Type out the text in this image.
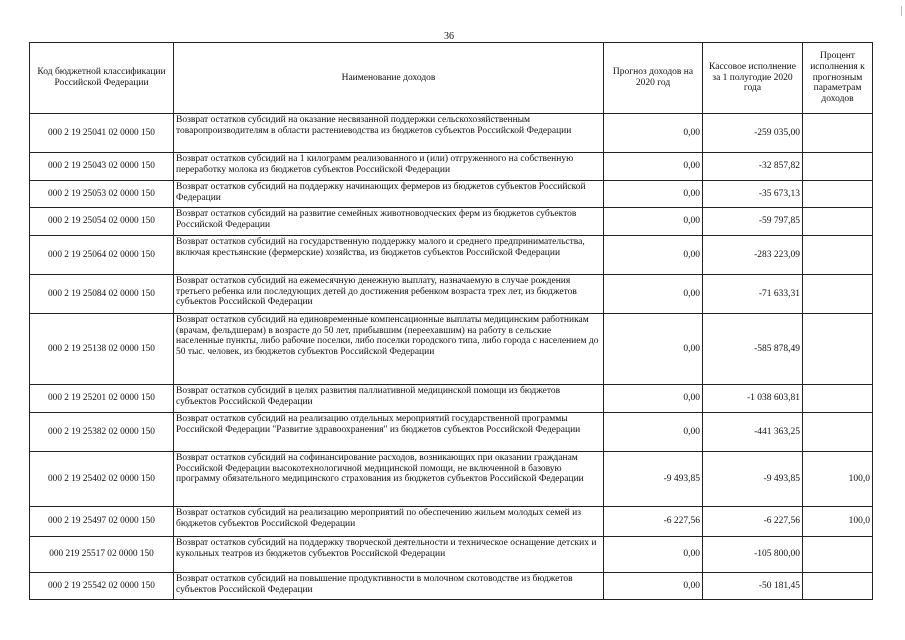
36
Код бюджетной классификации Российской Федерации	Наименование доходов	Прогноз доходов на 2020 год	Кассовое исполнение за 1 полугодие 2020 года	Процент исполнения к прогнозным параметрам доходов
000 2 19 25041 02 0000 150	Возврат остатков субсидий на оказание несвязанной поддержки сельскохозяйственным товаропроизводителям в области растениеводства из бюджетов субъектов Российской Федерации	0,00	-259 035,00	
000 2 19 25043 02 0000 150	Возврат остатков субсидий на 1 килограмм реализованного и (или) отгруженного на собственную переработку молока из бюджетов субъектов Российской Федерации	0,00	-32 857,82	
000 2 19 25053 02 0000 150	Возврат остатков субсидий на поддержку начинающих фермеров из бюджетов субъектов Российской Федерации	0,00	-35 673,13	
000 2 19 25054 02 0000 150	Возврат остатков субсидий на развитие семейных животноводческих ферм из бюджетов субъектов Российской Федерации	0,00	-59 797,85	
000 2 19 25064 02 0000 150	Возврат остатков субсидий на государственную поддержку малого и среднего предпринимательства, включая крестьянские (фермерские) хозяйства, из бюджетов субъектов Российской Федерации	0,00	-283 223,09	
000 2 19 25084 02 0000 150	Возврат остатков субсидий на ежемесячную денежную выплату, назначаемую в случае рождения третьего ребенка или последующих детей до достижения ребенком возраста трех лет, из бюджетов субъектов Российской Федерации	0,00	-71 633,31	
000 2 19 25138 02 0000 150	Возврат остатков субсидий на единовременные компенсационные выплаты медицинским работникам (врачам, фельдшерам) в возрасте до 50 лет, прибывшим (переехавшим) на работу в сельские населенные пункты, либо рабочие поселки, либо поселки городского типа, либо города с населением до 50 тыс. человек, из бюджетов субъектов Российской Федерации	0,00	-585 878,49	
000 2 19 25201 02 0000 150	Возврат остатков субсидий в целях развития паллиативной медицинской помощи из бюджетов субъектов Российской Федерации	0,00	-1 038 603,81	
000 2 19 25382 02 0000 150	Возврат остатков субсидий на реализацию отдельных мероприятий государственной программы Российской Федерации "Развитие здравоохранения" из бюджетов субъектов Российской Федерации	0,00	-441 363,25	
000 2 19 25402 02 0000 150	Возврат остатков субсидий на софинансирование расходов, возникающих при оказании гражданам Российской Федерации высокотехнологичной медицинской помощи, не включенной в базовую программу обязательного медицинского страхования из бюджетов субъектов Российской Федерации	-9 493,85	-9 493,85	100,0
000 2 19 25497 02 0000 150	Возврат остатков субсидий на реализацию мероприятий по обеспечению жильем молодых семей из бюджетов субъектов Российской Федерации	-6 227,56	-6 227,56	100,0
000 219 25517 02 0000 150	Возврат остатков субсидий на поддержку творческой деятельности и техническое оснащение детских и кукольных театров из бюджетов субъектов Российской Федерации	0,00	-105 800,00	
000 2 19 25542 02 0000 150	Возврат остатков субсидий на повышение продуктивности в молочном скотоводстве из бюджетов субъектов Российской Федерации	0,00	-50 181,45	
